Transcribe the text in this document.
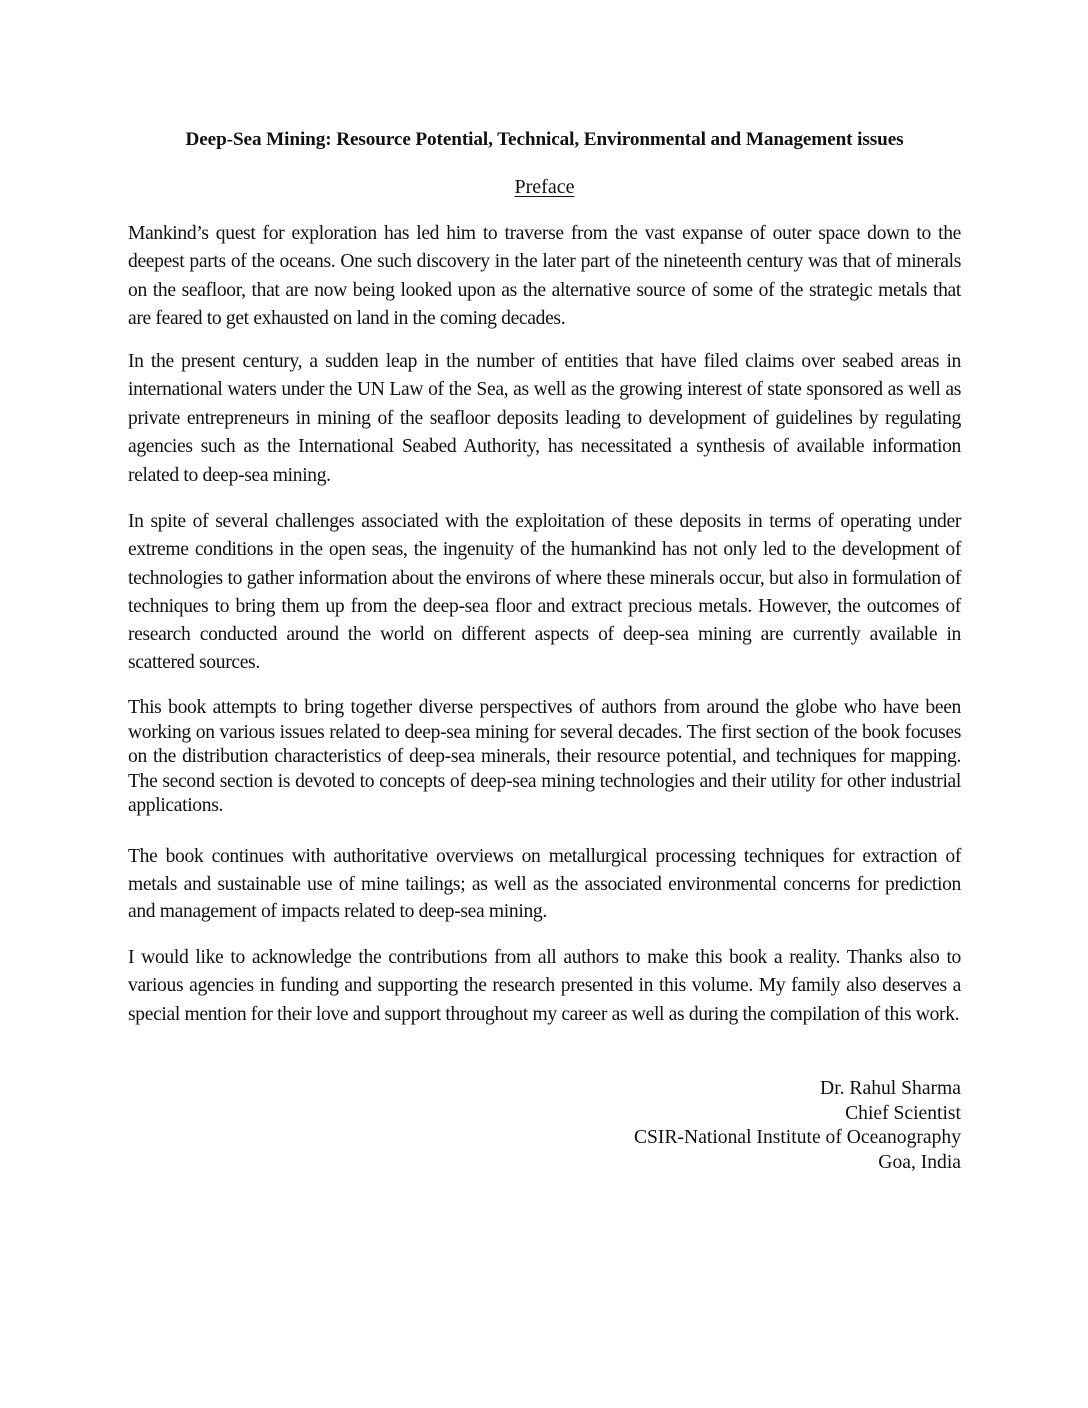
Deep-Sea Mining: Resource Potential, Technical, Environmental and Management issues
Preface

Mankind’s quest for exploration has led him to traverse from the vast expanse of outer space down to the deepest parts of the oceans. One such discovery in the later part of the nineteenth century was that of minerals on the seafloor, that are now being looked upon as the alternative source of some of the strategic metals that are feared to get exhausted on land in the coming decades.

In the present century, a sudden leap in the number of entities that have filed claims over seabed areas in international waters under the UN Law of the Sea, as well as the growing interest of state sponsored as well as private entrepreneurs in mining of the seafloor deposits leading to development of guidelines by regulating agencies such as the International Seabed Authority, has necessitated a synthesis of available information related to deep-sea mining.

In spite of several challenges associated with the exploitation of these deposits in terms of operating under extreme conditions in the open seas, the ingenuity of the humankind has not only led to the development of technologies to gather information about the environs of where these minerals occur, but also in formulation of techniques to bring them up from the deep-sea floor and extract precious metals. However, the outcomes of research conducted around the world on different aspects of deep-sea mining are currently available in scattered sources.

This book attempts to bring together diverse perspectives of authors from around the globe who have been working on various issues related to deep-sea mining for several decades. The first section of the book focuses on the distribution characteristics of deep-sea minerals, their resource potential, and techniques for mapping. The second section is devoted to concepts of deep-sea mining technologies and their utility for other industrial applications.

The book continues with authoritative overviews on metallurgical processing techniques for extraction of metals and sustainable use of mine tailings; as well as the associated environmental concerns for prediction and management of impacts related to deep-sea mining.

I would like to acknowledge the contributions from all authors to make this book a reality. Thanks also to various agencies in funding and supporting the research presented in this volume. My family also deserves a special mention for their love and support throughout my career as well as during the compilation of this work.

Dr. Rahul Sharma
Chief Scientist
CSIR-National Institute of Oceanography
Goa, India
